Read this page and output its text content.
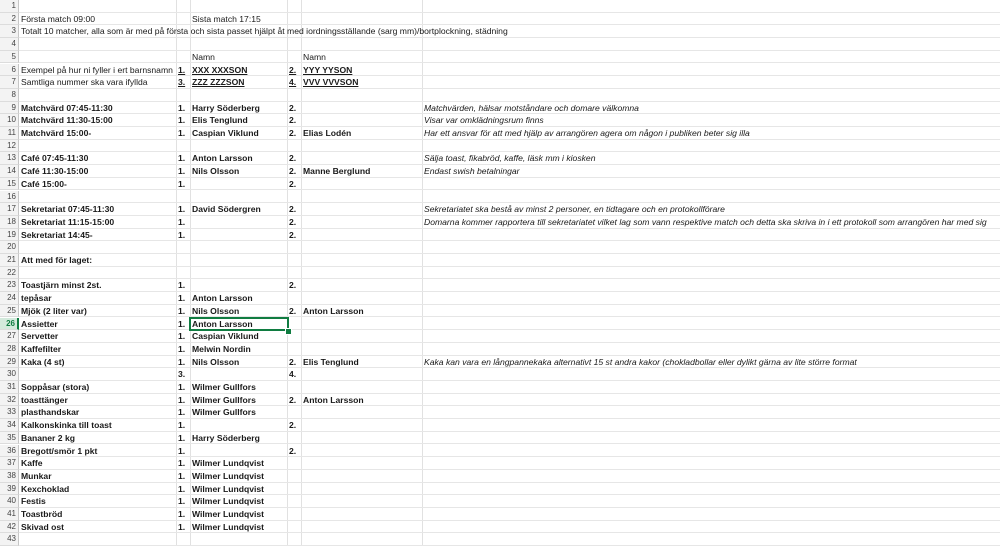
1
2 Första match 09:00	Sista match 17:15
3 Totalt 10 matcher, alla som är med på första och sista passet hjälpt åt med iordningsställande (sarg mm)/bortplockning, städning
4
5	Namn	Namn
6 Exempel på hur ni fyller i ert barnsnamn 1. XXX XXXSON	2. YYY YYSON
7 Samtliga nummer ska vara ifyllda	3. ZZZ ZZZSON	4. VVV VVVSON
8
9 Matchvärd 07:45-11:30	1. Harry Söderberg	2.	Matchvärden, hälsar motståndare och domare välkomna
10 Matchvärd 11:30-15:00	1. Elis Tenglund	2.	Visar var omklädningsrum finns
11 Matchvärd 15:00-	1. Caspian Viklund	2. Elias Lodén	Har ett ansvar för att med hjälp av arrangören agera om någon i publiken beter sig illa
12
13 Café 07:45-11:30	1. Anton Larsson	2.	Sälja toast, fikabröd, kaffe, läsk mm i kiosken
14 Café 11:30-15:00	1. Nils Olsson	2. Manne Berglund	Endast swish betalningar
15 Café 15:00-	1.	2.
16
17 Sekretariat 07:45-11:30	1. David Södergren	2.	Sekretariatet ska bestå av minst 2 personer, en tidtagare och en protokollförare
18 Sekretariat 11:15-15:00	1.	2.	Domarna kommer rapportera till sekretariatet vilket lag som vann respektive match och detta ska skriva in i ett protokoll som arrangören har med sig
19 Sekretariat 14:45-	1.	2.
20
21 Att med för laget:
22
23 Toastjärn minst 2st.	1.	2.
24 tepåsar	1. Anton Larsson
25 Mjök (2 liter var)	1. Nils Olsson	2. Anton Larsson
26 Assietter	1. Anton Larsson
27 Servetter	1. Caspian Viklund
28 Kaffefilter	1. Melwin Nordin
29 Kaka (4 st)	1. Nils Olsson	2. Elis Tenglund	Kaka kan vara en långpannekaka alternativt 15 st andra kakor (chokladbollar eller dylikt gärna av lite större format
30	3.	4.
31 Soppåsar (stora)	1. Wilmer Gullfors
32 toasttänger	1. Wilmer Gullfors	2. Anton Larsson
33 plasthandskar	1. Wilmer Gullfors
34 Kalkonskinka till toast	1.	2.
35 Bananer 2 kg	1. Harry Söderberg
36 Bregott/smör 1 pkt	1.	2.
37 Kaffe	1. Wilmer Lundqvist
38 Munkar	1. Wilmer Lundqvist
39 Kexchoklad	1. Wilmer Lundqvist
40 Festis	1. Wilmer Lundqvist
41 Toastbröd	1. Wilmer Lundqvist
42 Skivad ost	1. Wilmer Lundqvist
43
